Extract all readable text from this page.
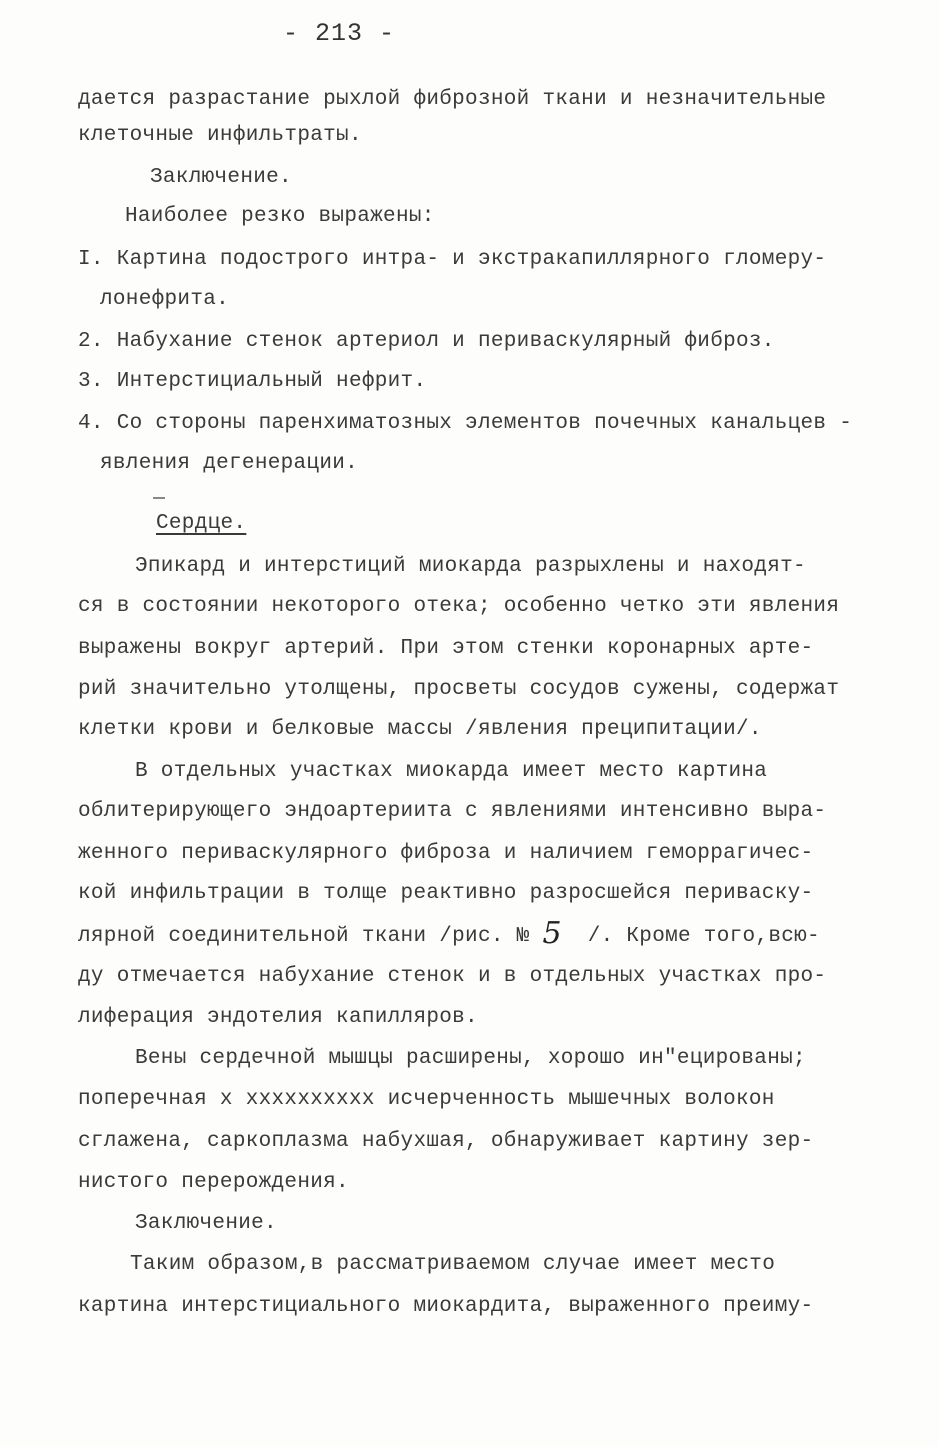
- 213 -
дается разрастание рыхлой фиброзной ткани и незначительные
клеточные инфильтраты.
Заключение.
Наиболее резко выражены:
I. Картина подострого интра- и экстракапиллярного гломеру-
лонефрита.
2. Набухание стенок артериол и периваскулярный фиброз.
3. Интерстициальный нефрит.
4. Со стороны паренхиматозных элементов почечных канальцев -
явления дегенерации.
Сердце.
Эпикард и интерстиций миокарда разрыхлены и находят-
ся в состоянии некоторого отека; особенно четко эти явления
выражены вокруг артерий. При этом стенки коронарных арте-
рий значительно утолщены, просветы сосудов сужены, содержат
клетки крови и белковые массы /явления преципитации/.
В отдельных участках миокарда имеет место картина
облитерирующего эндоартериита с явлениями интенсивно выра-
женного периваскулярного фиброза и наличием геморрагичес-
кой инфильтрации в толще реактивно разросшейся периваску-
лярной соединительной ткани /рис. № 5 /. Кроме того,всю-
ду отмечается набухание стенок и в отдельных участках про-
лиферация эндотелия капилляров.
Вены сердечной мышцы расширены, хорошо ин"ецированы;
поперечная х хххххххххх исчерченность мышечных волокон
сглажена, саркоплазма набухшая, обнаруживает картину зер-
нистого перерождения.
Заключение.
Таким образом,в рассматриваемом случае имеет место
картина интерстициального миокардита, выраженного преиму-
